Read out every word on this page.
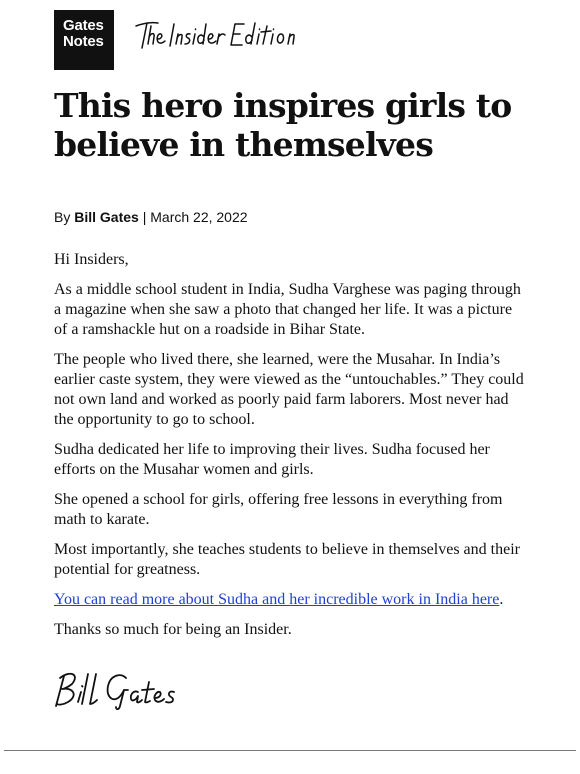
Gates
Notes
This hero inspires girls to believe in themselves
By Bill Gates | March 22, 2022

Hi Insiders,

As a middle school student in India, Sudha Varghese was paging through a magazine when she saw a photo that changed her life. It was a picture of a ramshackle hut on a roadside in Bihar State.

The people who lived there, she learned, were the Musahar. In India’s earlier caste system, they were viewed as the “untouchables.” They could not own land and worked as poorly paid farm laborers. Most never had the opportunity to go to school.

Sudha dedicated her life to improving their lives. Sudha focused her efforts on the Musahar women and girls.

She opened a school for girls, offering free lessons in everything from math to karate.

Most importantly, she teaches students to believe in themselves and their potential for greatness.

You can read more about Sudha and her incredible work in India here.

Thanks so much for being an Insider.
